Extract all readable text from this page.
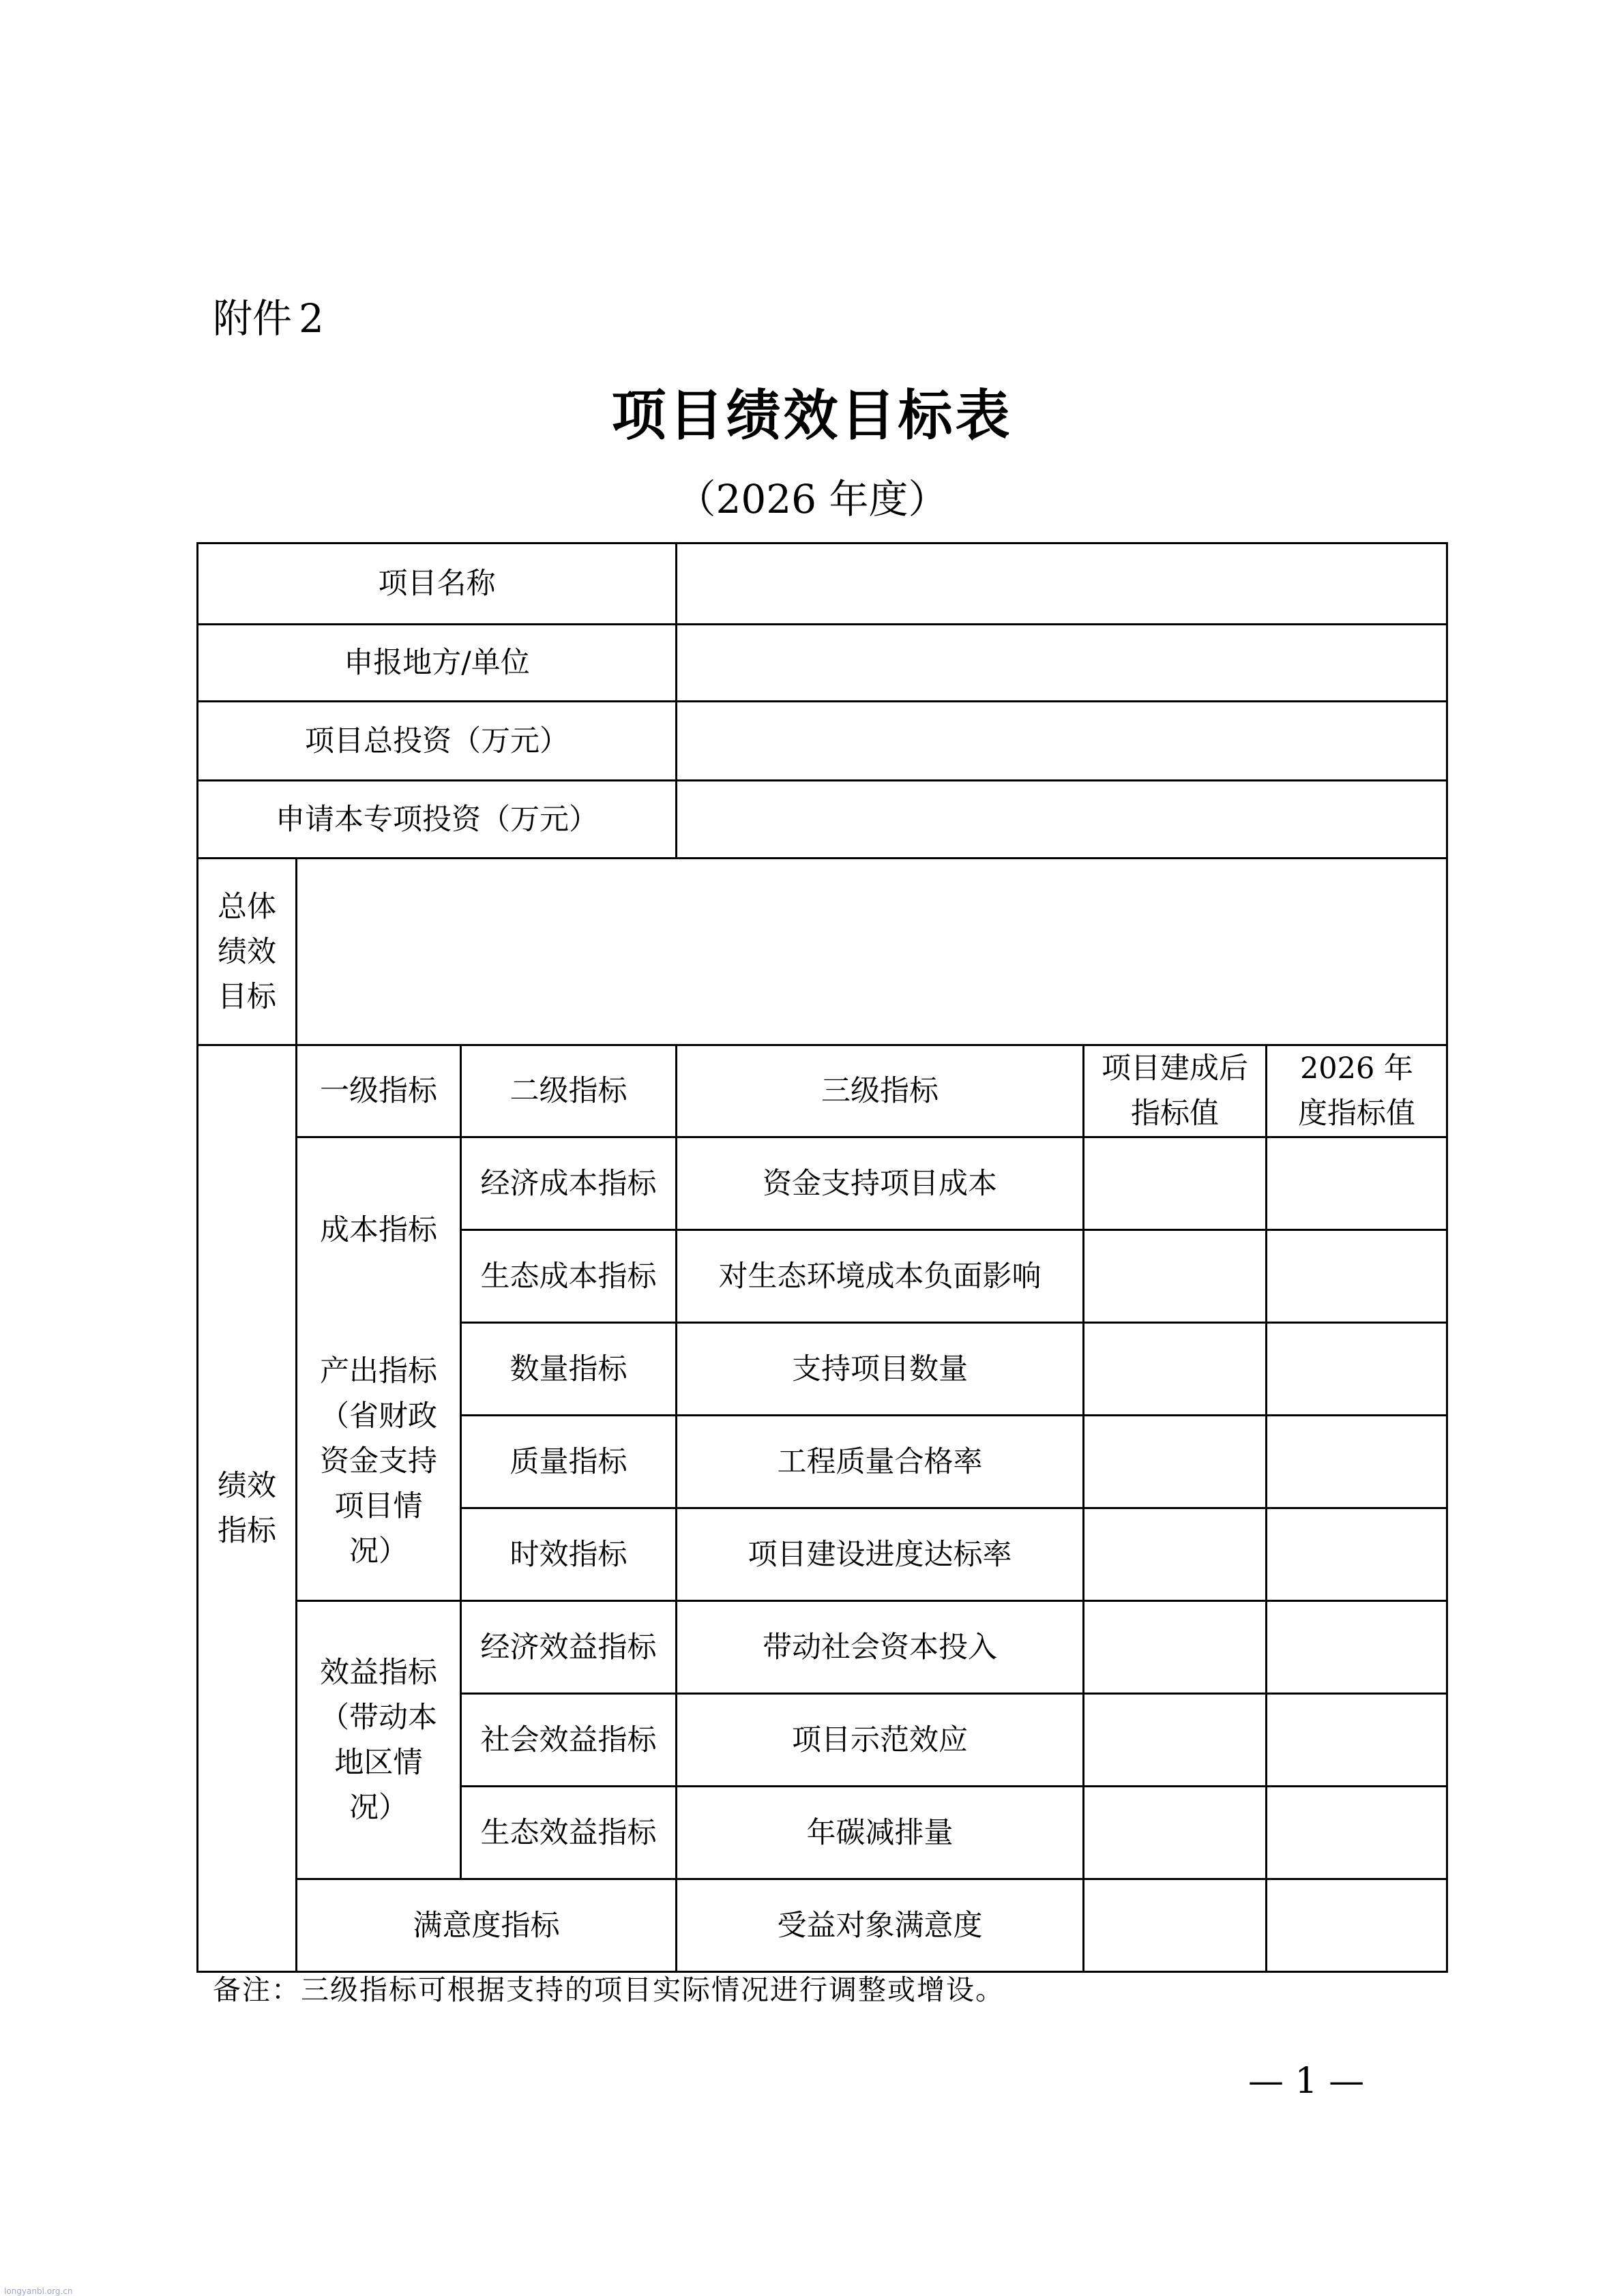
附件 2
项目绩效目标表
（2026 年度）
项目名称					
申报地方/单位					
项目总投资（万元）					
申请本专项投资（万元）					
总体绩效目标					
绩效指标	一级指标	二级指标	三级指标	项目建成后指标值	2026 年度指标值
	成本指标	经济成本指标	资金支持项目成本		
		生态成本指标	对生态环境成本负面影响		
	产出指标（省财政资金支持项目情况）	数量指标	支持项目数量		
		质量指标	工程质量合格率		
		时效指标	项目建设进度达标率		
	效益指标（带动本地区情况）	经济效益指标	带动社会资本投入		
		社会效益指标	项目示范效应		
		生态效益指标	年碳减排量		
	满意度指标		受益对象满意度		
备注：三级指标可根据支持的项目实际情况进行调整或增设。
— 1 —
longyanbl.org.cn
